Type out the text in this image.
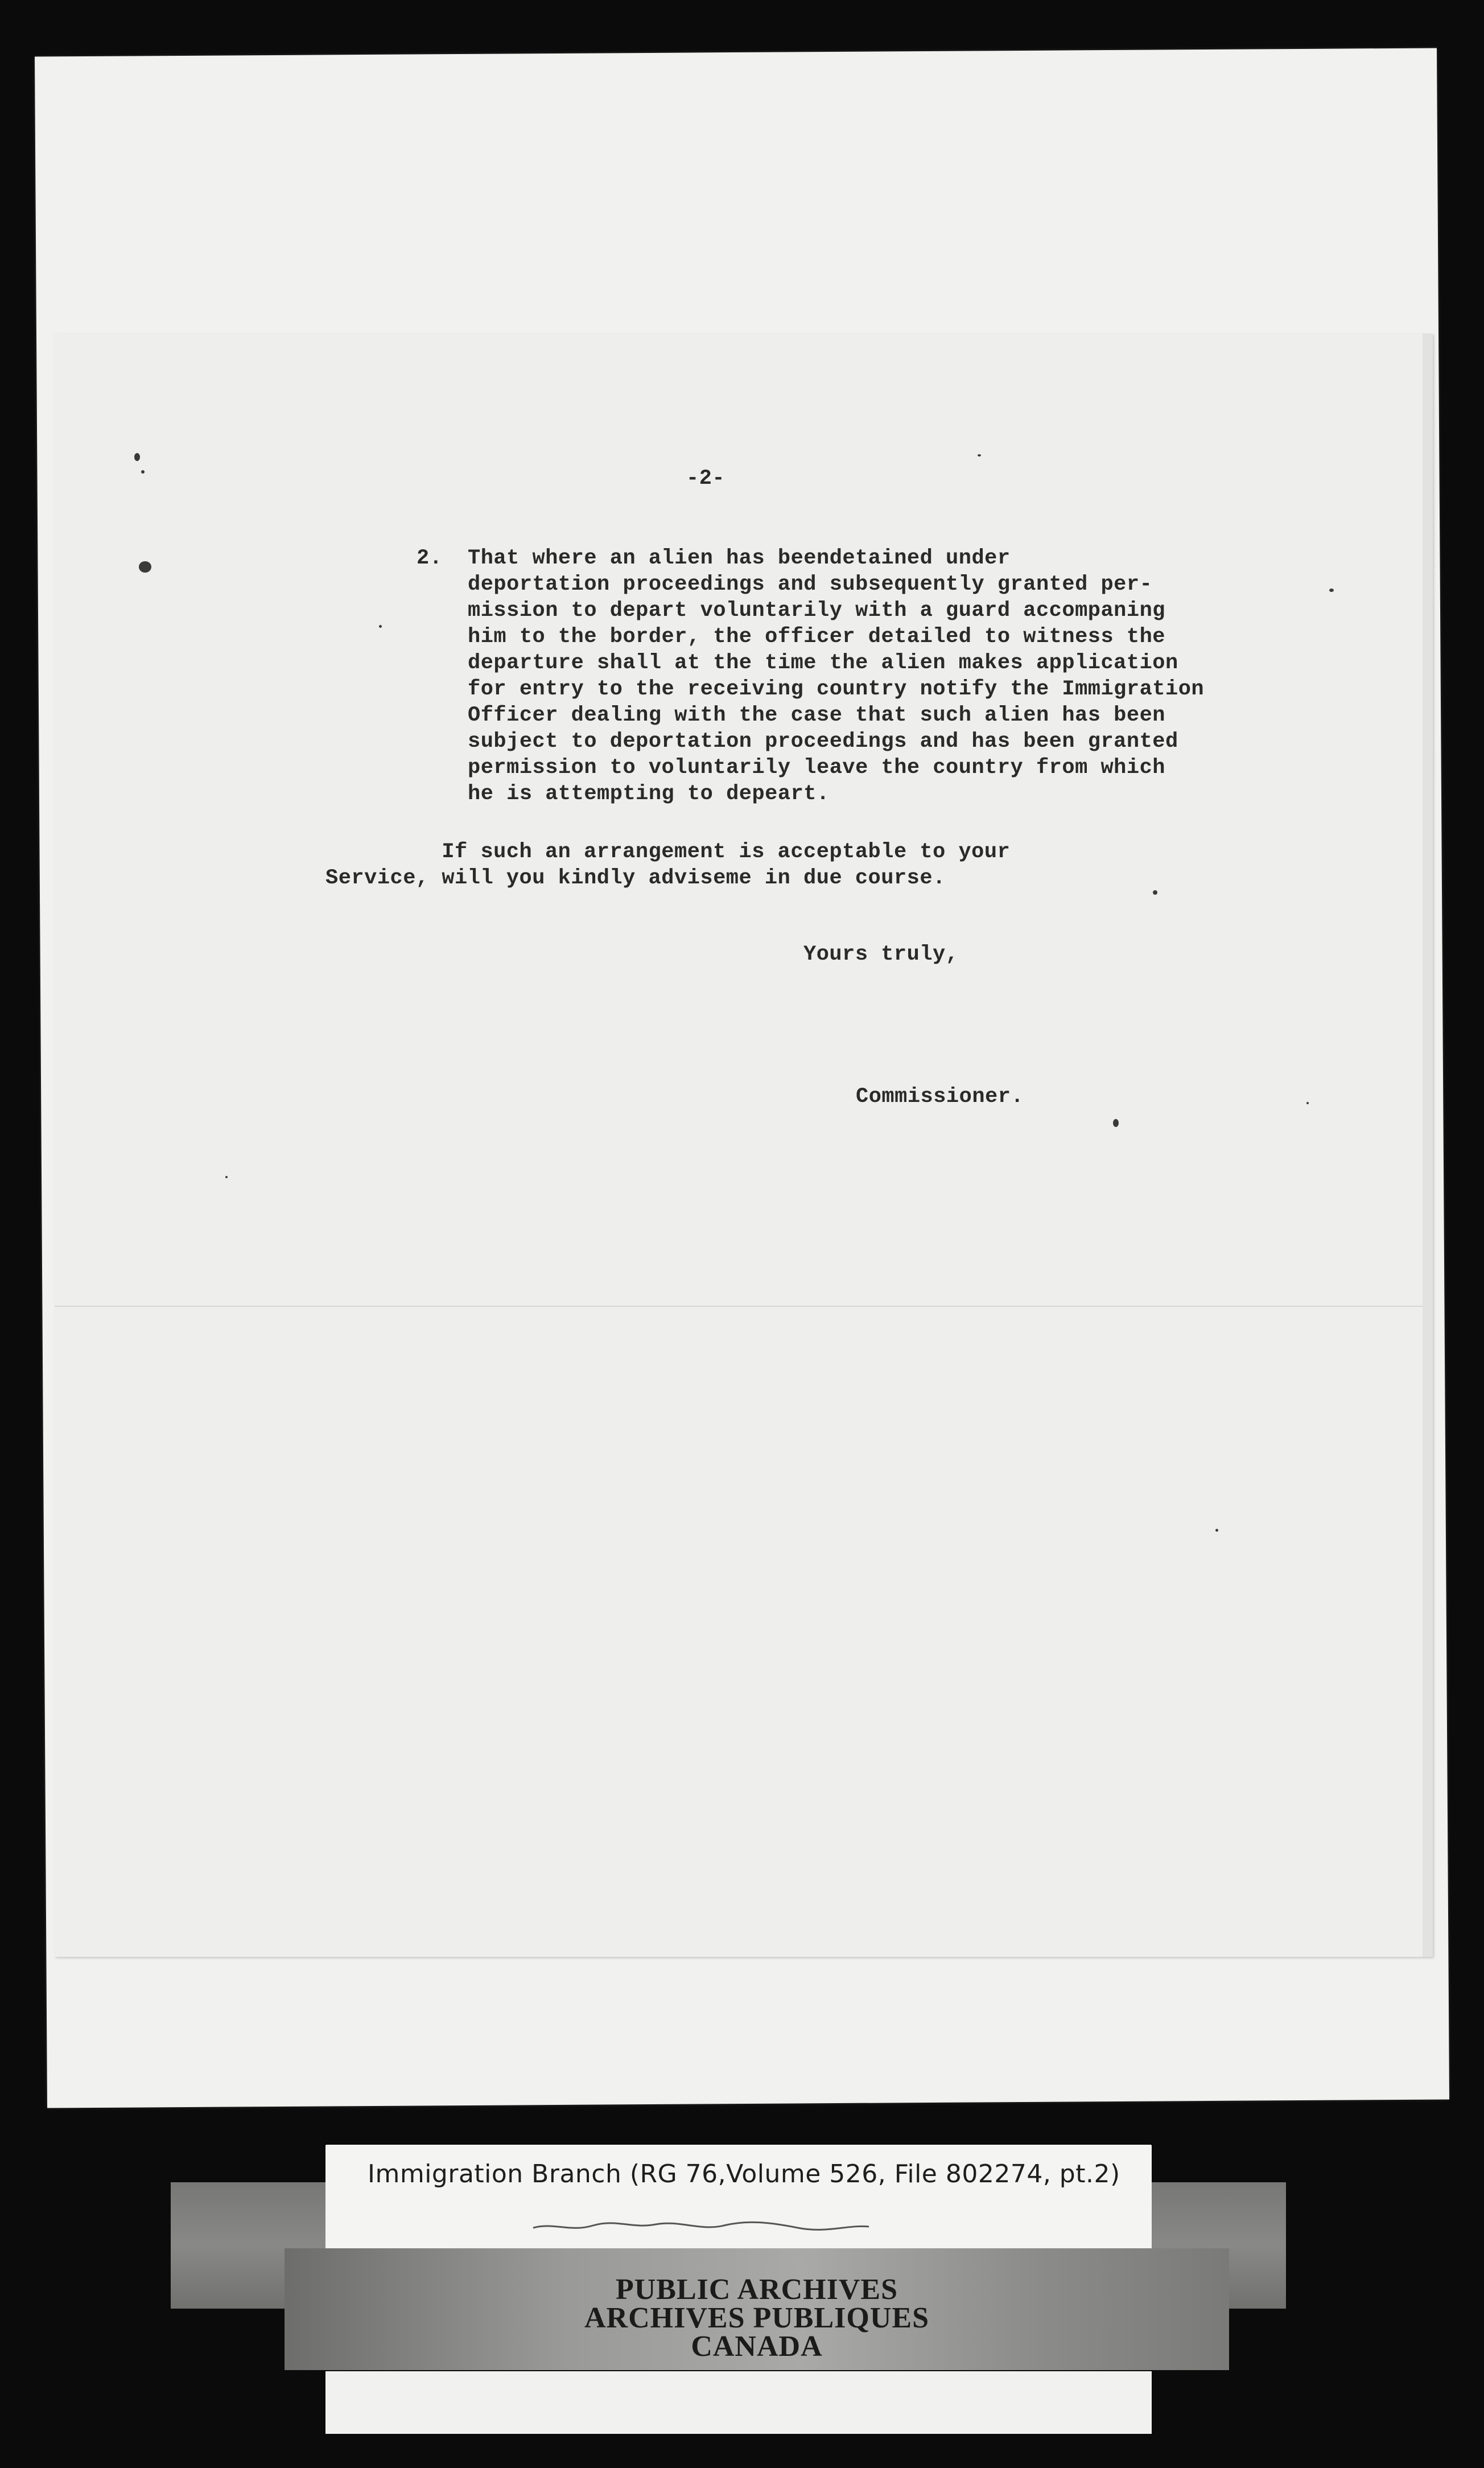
-2-
2. That where an alien has beendetained under
deportation proceedings and subsequently granted per-
mission to depart voluntarily with a guard accompaning
him to the border, the officer detailed to witness the
departure shall at the time the alien makes application
for entry to the receiving country notify the Immigration
Officer dealing with the case that such alien has been
subject to deportation proceedings and has been granted
permission to voluntarily leave the country from which
he is attempting to depeart.
If such an arrangement is acceptable to your
Service, will you kindly adviseme in due course.
Yours truly,
Commissioner.
Immigration Branch (RG 76,Volume 526, File 802274, pt.2)
PUBLIC ARCHIVES
ARCHIVES PUBLIQUES
CANADA
